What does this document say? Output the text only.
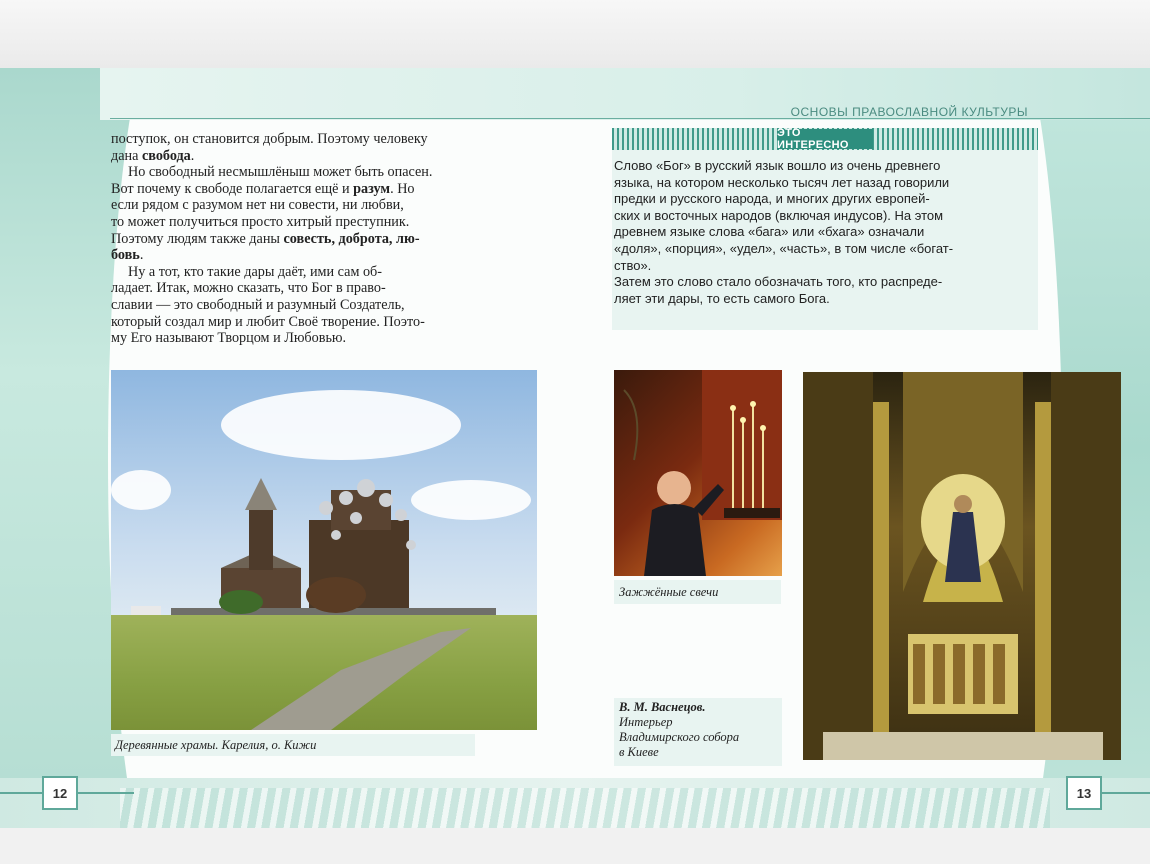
ОСНОВЫ ПРАВОСЛАВНОЙ КУЛЬТУРЫ

поступок, он становится добрым. Поэтому человеку

дана свобода.

Но свободный несмышлёныш может быть опасен.

Вот почему к свободе полагается ещё и разум. Но

если рядом с разумом нет ни совести, ни любви,

то может получиться просто хитрый преступник.

Поэтому людям также даны совесть, доброта, лю-

бовь.

Ну а тот, кто такие дары даёт, ими сам об-

ладает. Итак, можно сказать, что Бог в право-

славии — это свободный и разумный Создатель,

который создал мир и любит Своё творение. Поэто-

му Его называют Творцом и Любовью.

Деревянные храмы. Карелия, о. Кижи
ЭТО ИНТЕРЕСНО

Слово «Бог» в русский язык вошло из очень древнего

языка, на котором несколько тысяч лет назад говорили

предки и русского народа, и многих других европей-

ских и восточных народов (включая индусов). На этом

древнем языке слова «бага» или «бхага» означали

«доля», «порция», «удел», «часть», в том числе «богат-

ство».

Затем это слово стало обозначать того, кто распреде-

ляет эти дары, то есть самого Бога.

Зажжённые свечи
В. М. Васнецов.
Интерьер
Владимирского собора
в Киеве
12	13
